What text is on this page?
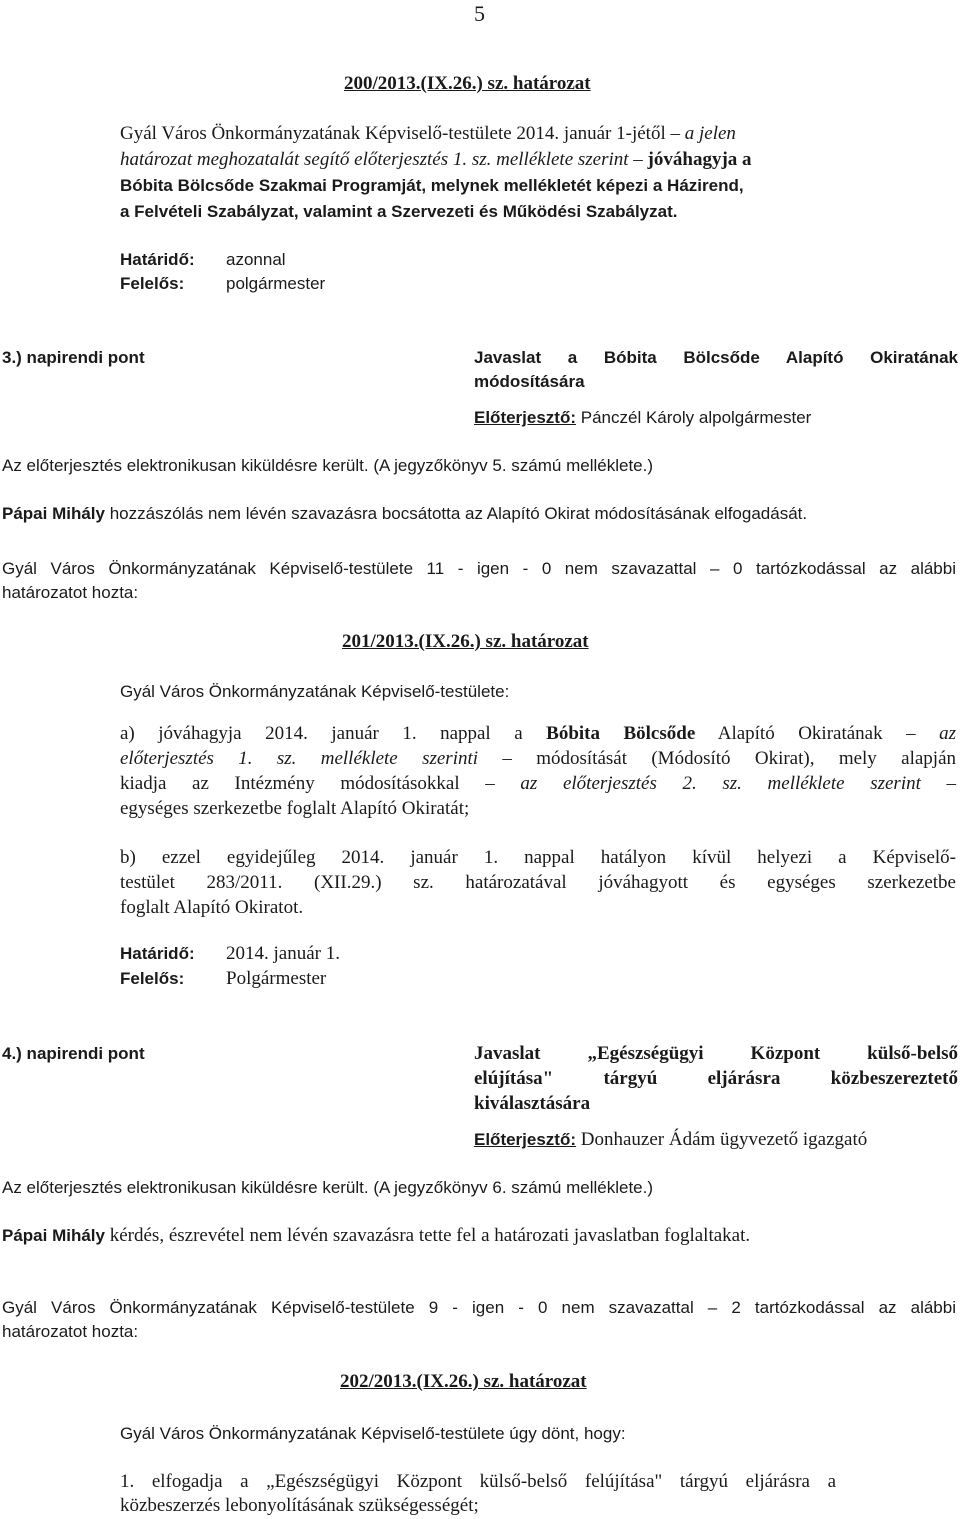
5
200/2013.(IX.26.) sz. határozat
Gyál Város Önkormányzatának Képviselő-testülete 2014. január 1-jétől – a jelen
határozat meghozatalát segítő előterjesztés 1. sz. melléklete szerint – jóváhagyja a
Bóbita Bölcsőde Szakmai Programját, melynek mellékletét képezi a Házirend,
a Felvételi Szabályzat, valamint a Szervezeti és Működési Szabályzat.
Határidő: azonnal
Felelős: polgármester
3.) napirendi pont	Javaslat a Bóbita Bölcsőde Alapító Okiratának
módosítására
Előterjesztő: Pánczél Károly alpolgármester
Az előterjesztés elektronikusan kiküldésre került. (A jegyzőkönyv 5. számú melléklete.)
Pápai Mihály hozzászólás nem lévén szavazásra bocsátotta az Alapító Okirat módosításának elfogadását.
Gyál Város Önkormányzatának Képviselő-testülete 11 - igen - 0 nem szavazattal – 0 tartózkodással az alábbi
határozatot hozta:
201/2013.(IX.26.) sz. határozat
Gyál Város Önkormányzatának Képviselő-testülete:
a) jóváhagyja 2014. január 1. nappal a Bóbita Bölcsőde Alapító Okiratának – az
előterjesztés 1. sz. melléklete szerinti – módosítását (Módosító Okirat), mely alapján
kiadja az Intézmény módosításokkal – az előterjesztés 2. sz. melléklete szerint –
egységes szerkezetbe foglalt Alapító Okiratát;
b) ezzel egyidejűleg 2014. január 1. nappal hatályon kívül helyezi a Képviselő-
testület 283/2011. (XII.29.) sz. határozatával jóváhagyott és egységes szerkezetbe
foglalt Alapító Okiratot.
Határidő: 2014. január 1.
Felelős: Polgármester
4.) napirendi pont	Javaslat „Egészségügyi Központ külső-belső
elújítása" tárgyú eljárásra közbeszereztető
kiválasztására
Előterjesztő: Donhauzer Ádám ügyvezető igazgató
Az előterjesztés elektronikusan kiküldésre került. (A jegyzőkönyv 6. számú melléklete.)
Pápai Mihály kérdés, észrevétel nem lévén szavazásra tette fel a határozati javaslatban foglaltakat.
Gyál Város Önkormányzatának Képviselő-testülete 9 - igen - 0 nem szavazattal – 2 tartózkodással az alábbi
határozatot hozta:
202/2013.(IX.26.) sz. határozat
Gyál Város Önkormányzatának Képviselő-testülete úgy dönt, hogy:
1. elfogadja a „Egészségügyi Központ külső-belső felújítása" tárgyú eljárásra a
közbeszerzés lebonyolításának szükségességét;
